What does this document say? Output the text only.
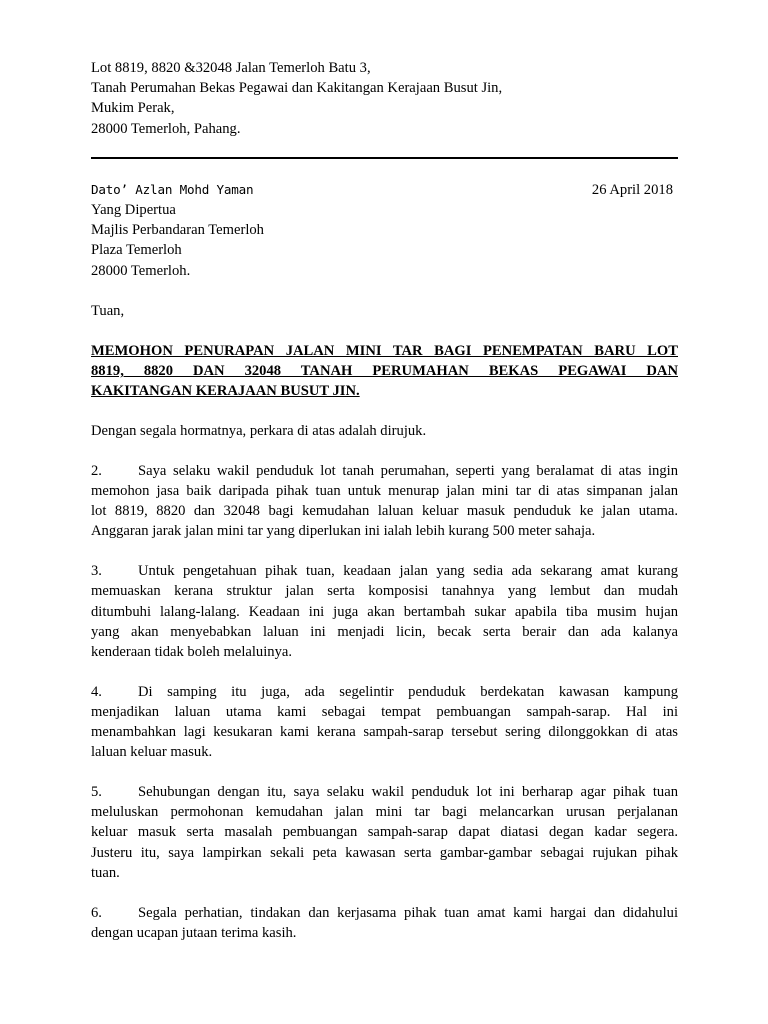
Lot 8819, 8820 &32048 Jalan Temerloh Batu 3,
Tanah Perumahan Bekas Pegawai dan Kakitangan Kerajaan Busut Jin,
Mukim Perak,
28000 Temerloh, Pahang.
Dato’ Azlan Mohd Yaman	26 April 2018
Yang Dipertua
Majlis Perbandaran Temerloh
Plaza Temerloh
28000 Temerloh.
Tuan,
MEMOHON PENURAPAN JALAN MINI TAR BAGI PENEMPATAN BARU LOT
8819, 8820 DAN 32048 TANAH PERUMAHAN BEKAS PEGAWAI DAN
KAKITANGAN KERAJAAN BUSUT JIN.
Dengan segala hormatnya, perkara di atas adalah dirujuk.
2. Saya selaku wakil penduduk lot tanah perumahan, seperti yang beralamat di atas ingin
memohon jasa baik daripada pihak tuan untuk menurap jalan mini tar di atas simpanan jalan
lot 8819, 8820 dan 32048 bagi kemudahan laluan keluar masuk penduduk ke jalan utama.
Anggaran jarak jalan mini tar yang diperlukan ini ialah lebih kurang 500 meter sahaja.
3. Untuk pengetahuan pihak tuan, keadaan jalan yang sedia ada sekarang amat kurang
memuaskan kerana struktur jalan serta komposisi tanahnya yang lembut dan mudah
ditumbuhi lalang-lalang. Keadaan ini juga akan bertambah sukar apabila tiba musim hujan
yang akan menyebabkan laluan ini menjadi licin, becak serta berair dan ada kalanya
kenderaan tidak boleh melaluinya.
4. Di samping itu juga, ada segelintir penduduk berdekatan kawasan kampung
menjadikan laluan utama kami sebagai tempat pembuangan sampah-sarap. Hal ini
menambahkan lagi kesukaran kami kerana sampah-sarap tersebut sering dilonggokkan di atas
laluan keluar masuk.
5. Sehubungan dengan itu, saya selaku wakil penduduk lot ini berharap agar pihak tuan
meluluskan permohonan kemudahan jalan mini tar bagi melancarkan urusan perjalanan
keluar masuk serta masalah pembuangan sampah-sarap dapat diatasi degan kadar segera.
Justeru itu, saya lampirkan sekali peta kawasan serta gambar-gambar sebagai rujukan pihak
tuan.
6. Segala perhatian, tindakan dan kerjasama pihak tuan amat kami hargai dan didahului
dengan ucapan jutaan terima kasih.
